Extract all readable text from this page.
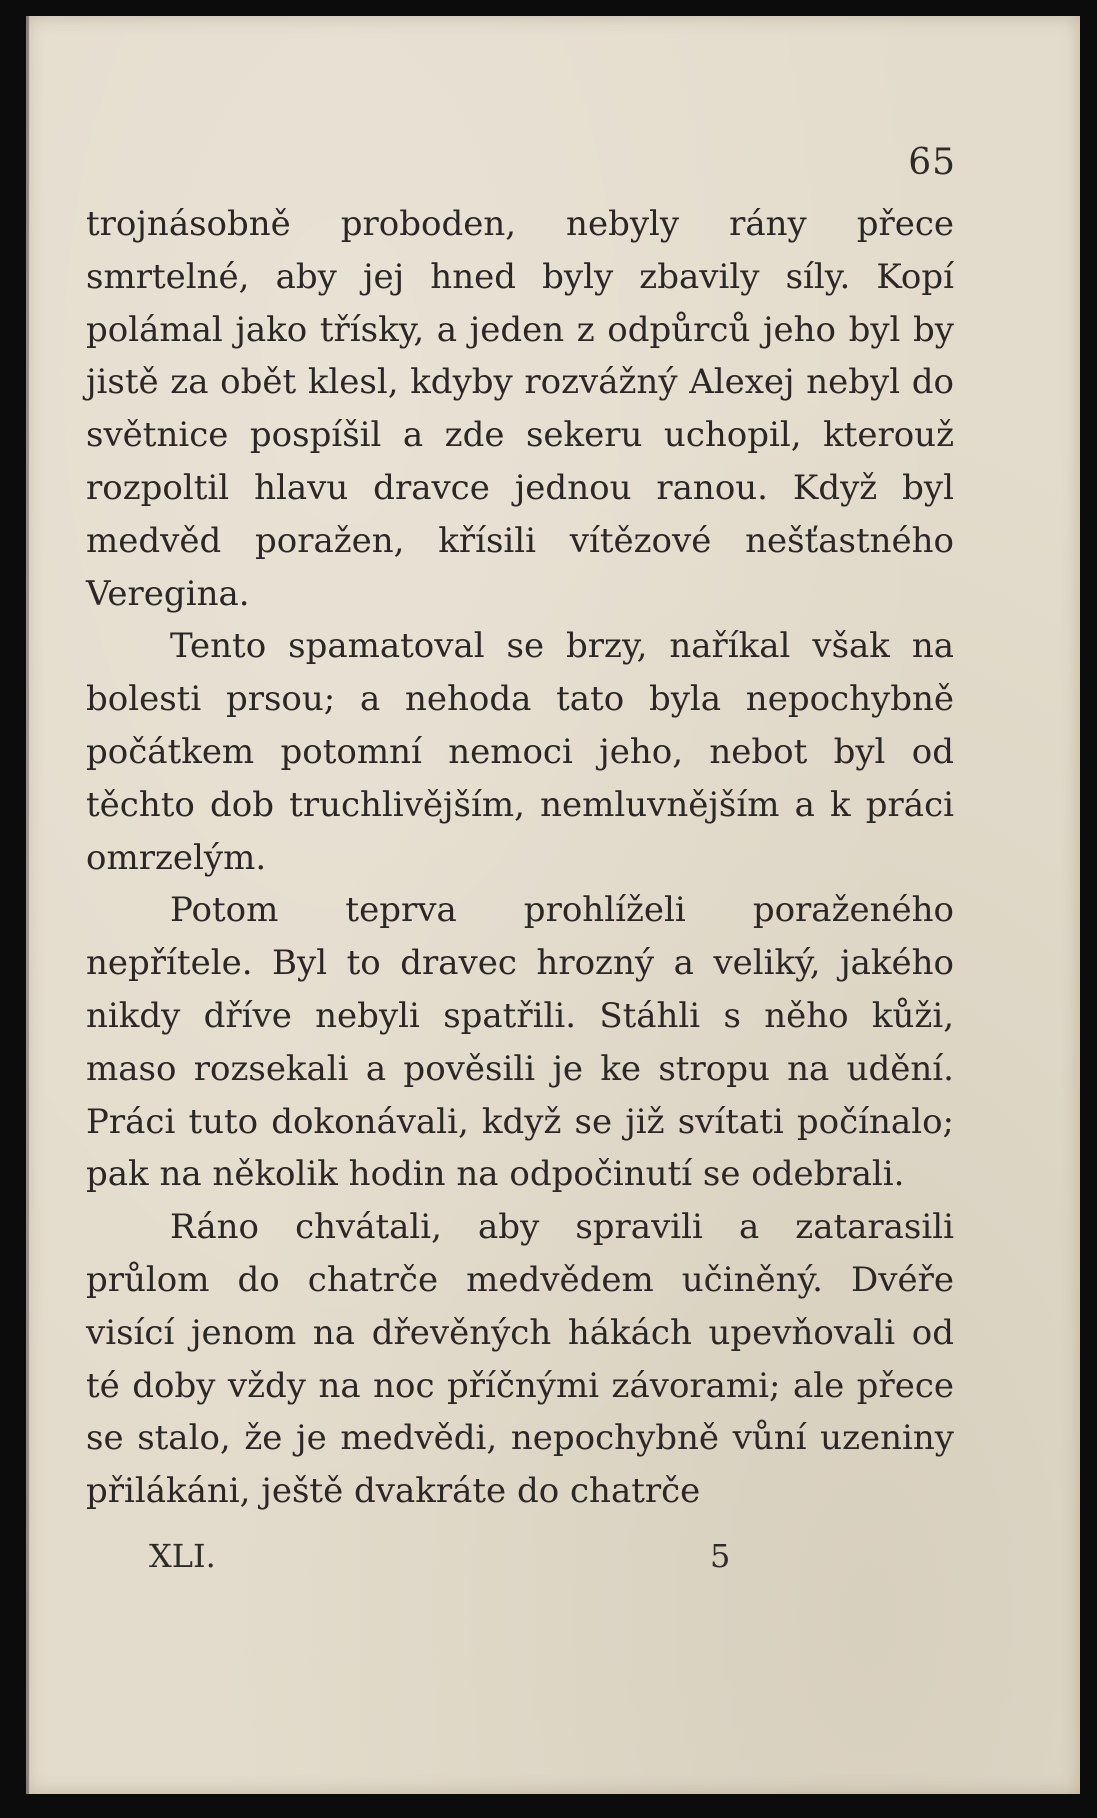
65

trojnásobně proboden, nebyly rány přece smrtelné, aby jej hned byly zbavily síly. Kopí polámal jako třísky, a jeden z odpůrců jeho byl by jistě za obět klesl, kdyby rozvážný Alexej nebyl do světnice pospíšil a zde sekeru uchopil, kterouž rozpoltil hlavu dravce jednou ranou. Když byl medvěd poražen, křísili vítězové nešťastného Veregina.

Tento spamatoval se brzy, naříkal však na bolesti prsou; a nehoda tato byla nepochybně počátkem potomní nemoci jeho, nebot byl od těchto dob truchlivějším, nemluvnějším a k práci omrzelým.

Potom teprva prohlíželi poraženého nepřítele. Byl to dravec hrozný a veliký, jakého nikdy dříve nebyli spatřili. Stáhli s něho kůži, maso rozsekali a pověsili je ke stropu na udění. Práci tuto dokonávali, když se již svítati počínalo; pak na několik hodin na odpočinutí se odebrali.

Ráno chvátali, aby spravili a zatarasili průlom do chatrče medvědem učiněný. Dvéře visící jenom na dřevěných hákách upevňovali od té doby vždy na noc příčnými závorami; ale přece se stalo, že je medvědi, nepochybně vůní uzeniny přilákáni, ještě dvakráte do chatrče

XLI.	5
